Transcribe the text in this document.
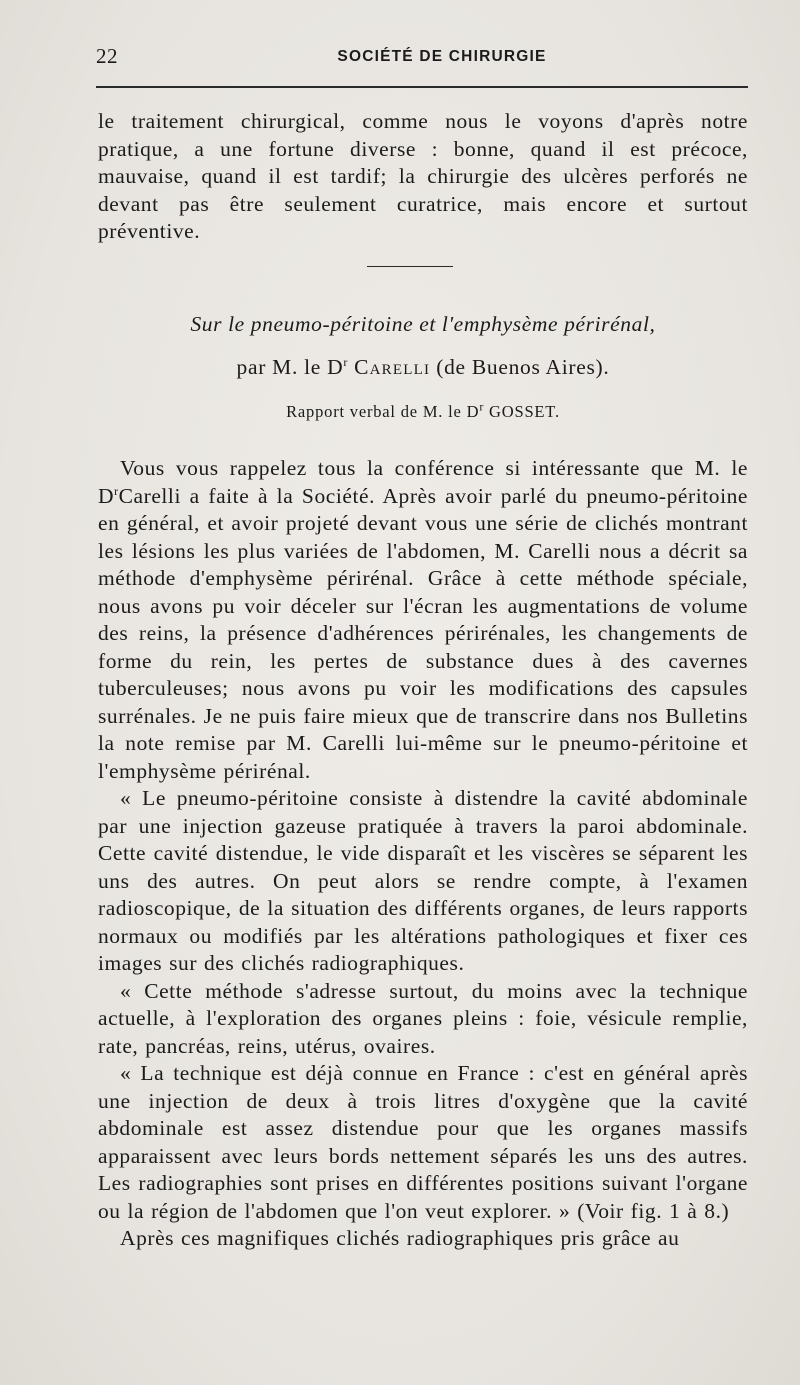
22	SOCIÉTÉ DE CHIRURGIE

le traitement chirurgical, comme nous le voyons d'après notre pratique, a une fortune diverse : bonne, quand il est précoce, mauvaise, quand il est tardif; la chirurgie des ulcères perforés ne devant pas être seulement curatrice, mais encore et surtout préventive.

Sur le pneumo-péritoine et l'emphysème périrénal,
par M. le $D^r$ Carelli (de Buenos Aires).
Rapport verbal de M. le $D^r$ GOSSET.

Vous vous rappelez tous la conférence si intéressante que M. le $D^rCarelli$ a faite à la Société. Après avoir parlé du pneumo-péritoine en général, et avoir projeté devant vous une série de clichés montrant les lésions les plus variées de l'abdomen, M. Carelli nous a décrit sa méthode d'emphysème périrénal. Grâce à cette méthode spéciale, nous avons pu voir déceler sur l'écran les augmentations de volume des reins, la présence d'adhérences périrénales, les changements de forme du rein, les pertes de substance dues à des cavernes tuberculeuses; nous avons pu voir les modifications des capsules surrénales. Je ne puis faire mieux que de transcrire dans nos Bulletins la note remise par M. Carelli lui-même sur le pneumo-péritoine et l'emphysème périrénal.

« Le pneumo-péritoine consiste à distendre la cavité abdominale par une injection gazeuse pratiquée à travers la paroi abdominale. Cette cavité distendue, le vide disparaît et les viscères se séparent les uns des autres. On peut alors se rendre compte, à l'examen radioscopique, de la situation des différents organes, de leurs rapports normaux ou modifiés par les altérations pathologiques et fixer ces images sur des clichés radiographiques.

« Cette méthode s'adresse surtout, du moins avec la technique actuelle, à l'exploration des organes pleins : foie, vésicule remplie, rate, pancréas, reins, utérus, ovaires.

« La technique est déjà connue en France : c'est en général après une injection de deux à trois litres d'oxygène que la cavité abdominale est assez distendue pour que les organes massifs apparaissent avec leurs bords nettement séparés les uns des autres. Les radiographies sont prises en différentes positions suivant l'organe ou la région de l'abdomen que l'on veut explorer. » (Voir fig. 1 à 8.)

Après ces magnifiques clichés radiographiques pris grâce au
